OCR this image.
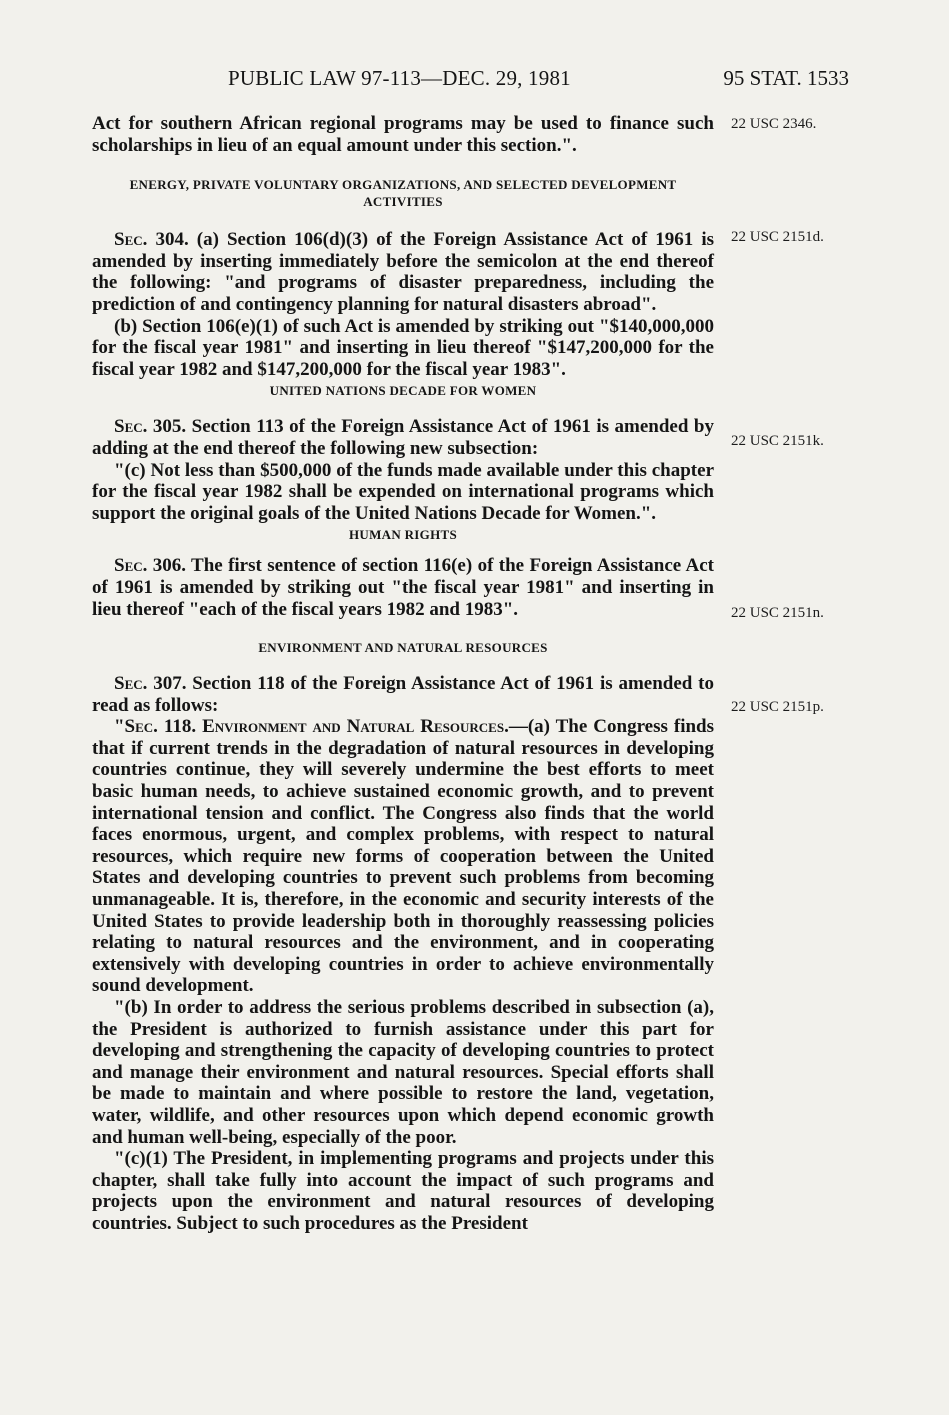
PUBLIC LAW 97-113—DEC. 29, 1981	95 STAT. 1533
22 USC 2346.
22 USC 2151d.
22 USC 2151k.
22 USC 2151n.
22 USC 2151p.

Act for southern African regional programs may be used to finance such scholarships in lieu of an equal amount under this section.".

ENERGY, PRIVATE VOLUNTARY ORGANIZATIONS, AND SELECTED DEVELOPMENT ACTIVITIES

Sec. 304. (a) Section 106(d)(3) of the Foreign Assistance Act of 1961 is amended by inserting immediately before the semicolon at the end thereof the following: "and programs of disaster preparedness, including the prediction of and contingency planning for natural disasters abroad".

(b) Section 106(e)(1) of such Act is amended by striking out "$140,000,000 for the fiscal year 1981" and inserting in lieu thereof "$147,200,000 for the fiscal year 1982 and $147,200,000 for the fiscal year 1983".

UNITED NATIONS DECADE FOR WOMEN

Sec. 305. Section 113 of the Foreign Assistance Act of 1961 is amended by adding at the end thereof the following new subsection:

"(c) Not less than $500,000 of the funds made available under this chapter for the fiscal year 1982 shall be expended on international programs which support the original goals of the United Nations Decade for Women.".

HUMAN RIGHTS

Sec. 306. The first sentence of section 116(e) of the Foreign Assistance Act of 1961 is amended by striking out "the fiscal year 1981" and inserting in lieu thereof "each of the fiscal years 1982 and 1983".

ENVIRONMENT AND NATURAL RESOURCES

Sec. 307. Section 118 of the Foreign Assistance Act of 1961 is amended to read as follows:

"Sec. 118. Environment and Natural Resources.—(a) The Congress finds that if current trends in the degradation of natural resources in developing countries continue, they will severely undermine the best efforts to meet basic human needs, to achieve sustained economic growth, and to prevent international tension and conflict. The Congress also finds that the world faces enormous, urgent, and complex problems, with respect to natural resources, which require new forms of cooperation between the United States and developing countries to prevent such problems from becoming unmanageable. It is, therefore, in the economic and security interests of the United States to provide leadership both in thoroughly reassessing policies relating to natural resources and the environment, and in cooperating extensively with developing countries in order to achieve environmentally sound development.

"(b) In order to address the serious problems described in subsection (a), the President is authorized to furnish assistance under this part for developing and strengthening the capacity of developing countries to protect and manage their environment and natural resources. Special efforts shall be made to maintain and where possible to restore the land, vegetation, water, wildlife, and other resources upon which depend economic growth and human well-being, especially of the poor.

"(c)(1) The President, in implementing programs and projects under this chapter, shall take fully into account the impact of such programs and projects upon the environment and natural resources of developing countries. Subject to such procedures as the President
